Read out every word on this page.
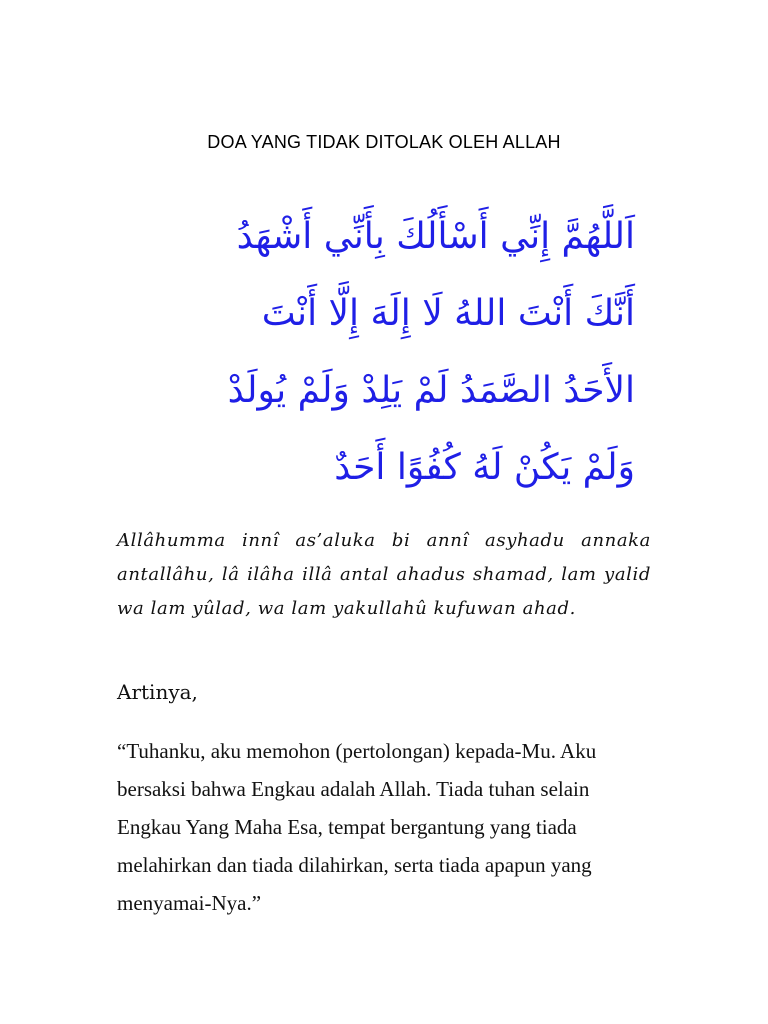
DOA YANG TIDAK DITOLAK OLEH ALLAH
اَللَّهُمَّ إِنِّي أَسْأَلُكَ بِأَنِّي أَشْهَدُ
أَنَّكَ أَنْتَ اللهُ لَا إِلَهَ إِلَّا أَنْتَ
الأَحَدُ الصَّمَدُ لَمْ يَلِدْ وَلَمْ يُولَدْ
وَلَمْ يَكُنْ لَهُ كُفُوًا أَحَدٌ
Allâhumma innî as’aluka bi annî asyhadu annaka antallâhu, lâ ilâha illâ antal ahadus shamad, lam yalid wa lam yûlad, wa lam yakullahû kufuwan ahad.
Artinya,
“Tuhanku, aku memohon (pertolongan) kepada-Mu. Aku bersaksi bahwa Engkau adalah Allah. Tiada tuhan selain Engkau Yang Maha Esa, tempat bergantung yang tiada melahirkan dan tiada dilahirkan, serta tiada apapun yang menyamai-Nya.”
